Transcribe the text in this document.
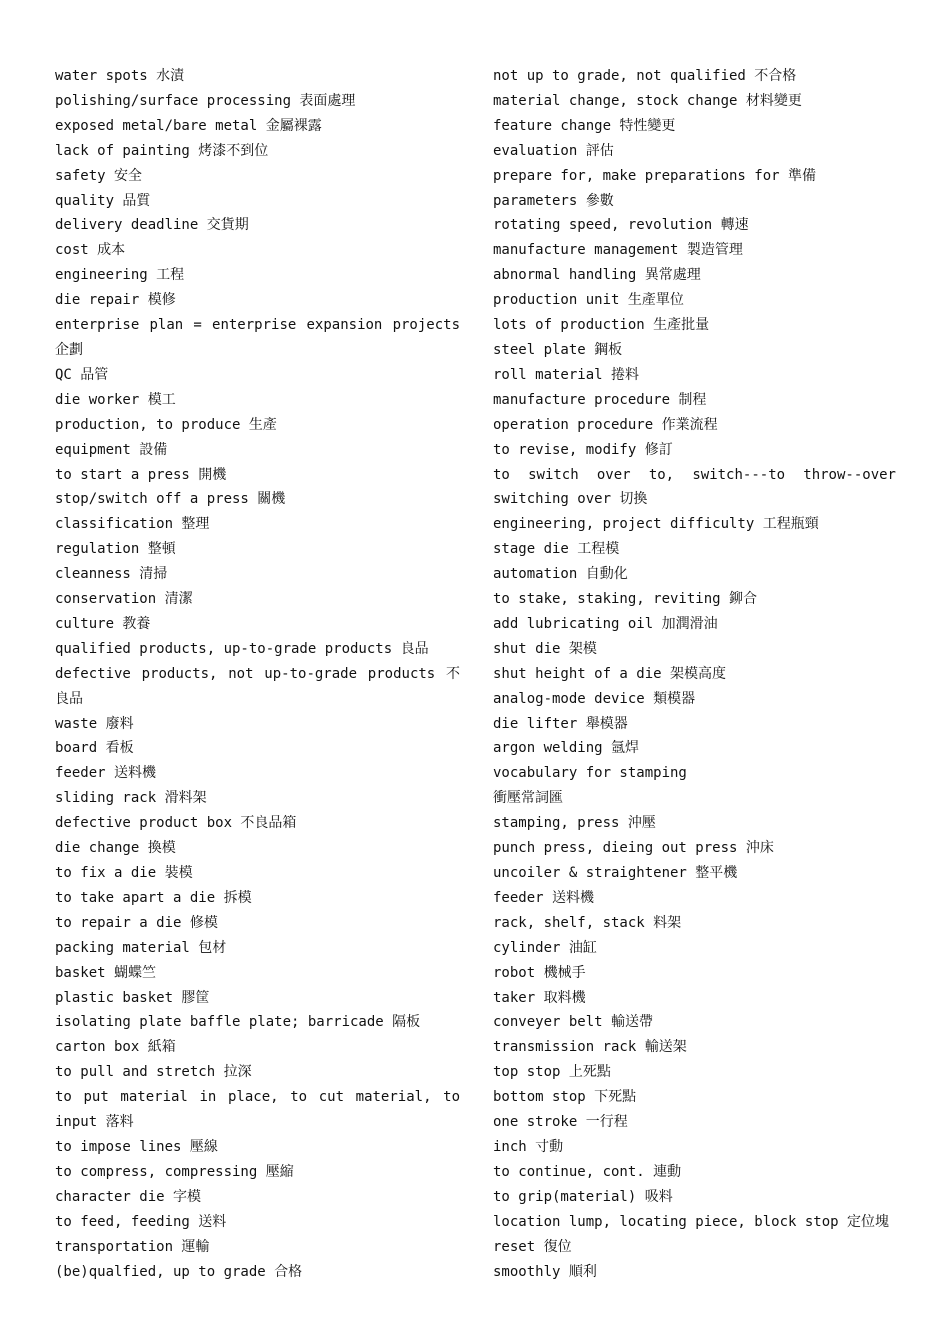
water spots 水漬
polishing/surface processing 表面處理
exposed metal/bare metal 金屬裸露
lack of painting 烤漆不到位
safety 安全
quality 品質
delivery deadline 交貨期
cost 成本
engineering 工程
die repair 模修
enterprise plan = enterprise expansion projects 企劃
QC 品管
die worker 模工
production, to produce 生產
equipment 設備
to start a press 開機
stop/switch off a press 關機
classification 整理
regulation 整頓
cleanness 清掃
conservation 清潔
culture 教養
qualified products, up-to-grade products 良品
defective products, not up-to-grade products 不良品
waste 廢料
board 看板
feeder 送料機
sliding rack 滑料架
defective product box 不良品箱
die change 換模
to fix a die 裝模
to take apart a die 拆模
to repair a die 修模
packing material 包材
basket 蝴蝶竺
plastic basket 膠筐
isolating plate baffle plate; barricade 隔板
carton box 紙箱
to pull and stretch 拉深
to put material in place, to cut material, to input 落料
to impose lines 壓線
to compress, compressing 壓縮
character die 字模
to feed, feeding 送料
transportation 運輸
(be)qualfied, up to grade 合格
not up to grade, not qualified 不合格
material change, stock change 材料變更
feature change 特性變更
evaluation 評估
prepare for, make preparations for 準備
parameters 參數
rotating speed, revolution 轉速
manufacture management 製造管理
abnormal handling 異常處理
production unit 生產單位
lots of production 生產批量
steel plate 鋼板
roll material 捲料
manufacture procedure 制程
operation procedure 作業流程
to revise, modify 修訂
to switch over to, switch---to throw--over switching over 切換
engineering, project difficulty 工程瓶頸
stage die 工程模
automation 自動化
to stake, staking, reviting 鉚合
add lubricating oil 加潤滑油
shut die 架模
shut height of a die 架模高度
analog-mode device 類模器
die lifter 舉模器
argon welding 氬焊
vocabulary for stamping
衝壓常詞匯
stamping, press 沖壓
punch press, dieing out press 沖床
uncoiler & straightener 整平機
feeder 送料機
rack, shelf, stack 料架
cylinder 油缸
robot 機械手
taker 取料機
conveyer belt 輸送帶
transmission rack 輸送架
top stop 上死點
bottom stop 下死點
one stroke 一行程
inch 寸動
to continue, cont. 連動
to grip(material) 吸料
location lump, locating piece, block stop 定位塊
reset 復位
smoothly 順利
